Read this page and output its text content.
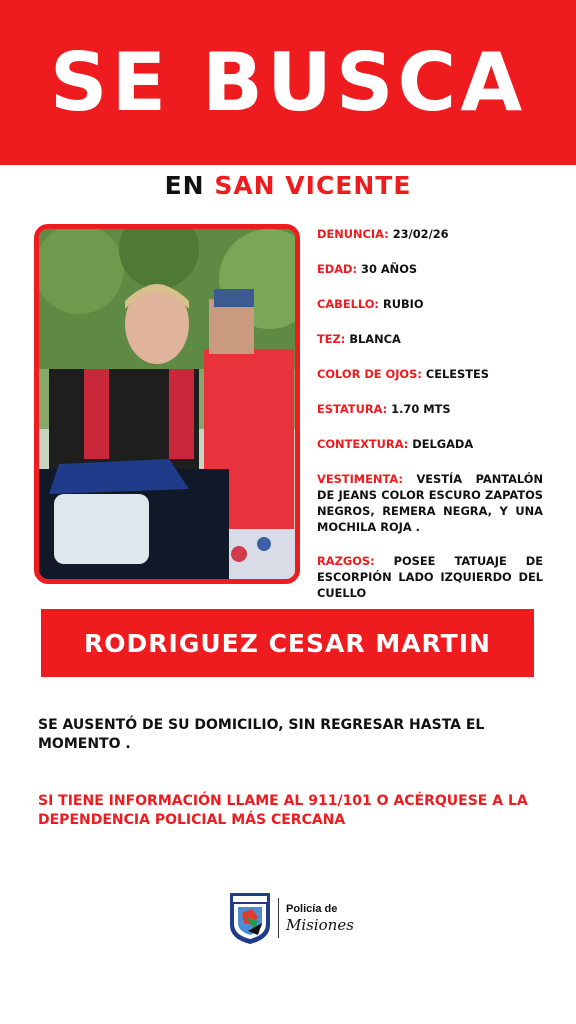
SE BUSCA
EN SAN VICENTE

DENUNCIA: 23/02/26

EDAD: 30 AÑOS

CABELLO: RUBIO

TEZ: BLANCA

COLOR DE OJOS: CELESTES

ESTATURA: 1.70 MTS

CONTEXTURA: DELGADA

VESTIMENTA: VESTÍA PANTALÓN DE JEANS COLOR ESCURO ZAPATOS NEGROS, REMERA NEGRA, Y UNA MOCHILA ROJA .

RAZGOS: POSEE TATUAJE DE ESCORPIÓN LADO IZQUIERDO DEL CUELLO

RODRIGUEZ CESAR MARTIN
SE AUSENTÓ DE SU DOMICILIO, SIN REGRESAR HASTA EL MOMENTO .
SI TIENE INFORMACIÓN LLAME AL 911/101 O ACÉRQUESE A LA DEPENDENCIA POLICIAL MÁS CERCANA
Policía de
Misiones
